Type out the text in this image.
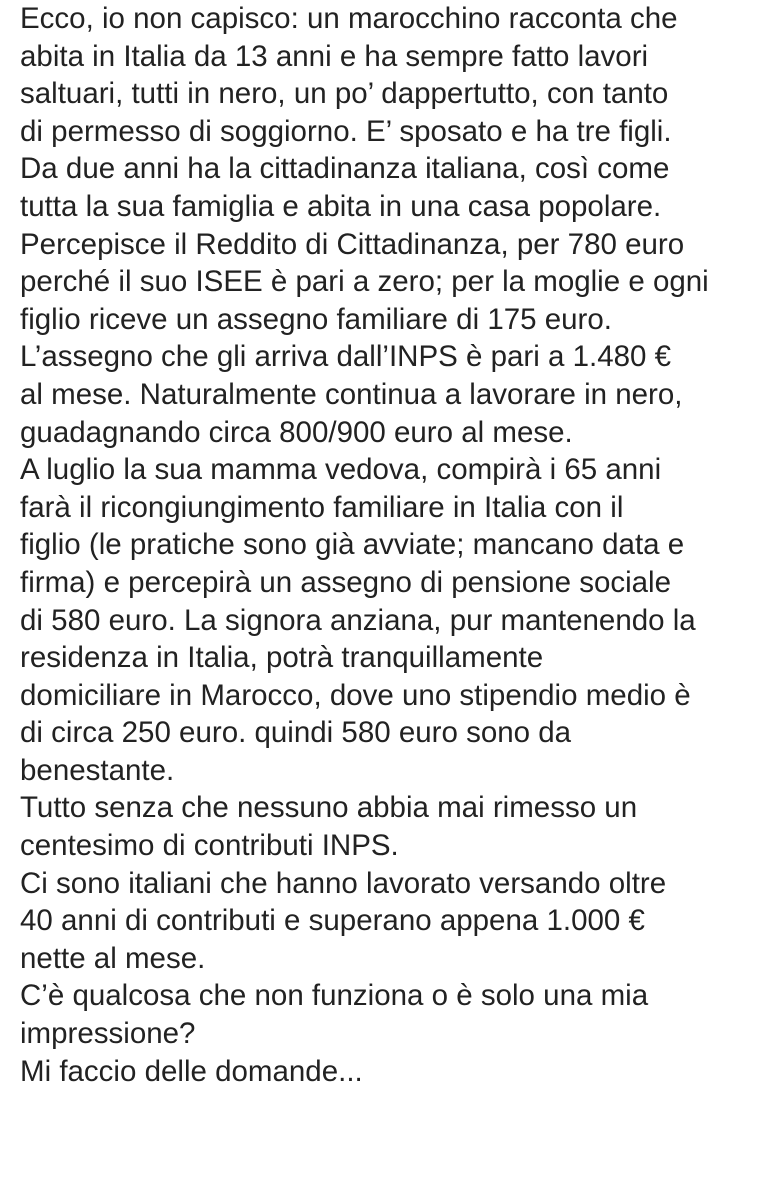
Ecco, io non capisco: un marocchino racconta che
abita in Italia da 13 anni e ha sempre fatto lavori
saltuari, tutti in nero, un po’ dappertutto, con tanto
di permesso di soggiorno. E’ sposato e ha tre figli.
Da due anni ha la cittadinanza italiana, così come
tutta la sua famiglia e abita in una casa popolare.
Percepisce il Reddito di Cittadinanza, per 780 euro
perché il suo ISEE è pari a zero; per la moglie e ogni
figlio riceve un assegno familiare di 175 euro.
L’assegno che gli arriva dall’INPS è pari a 1.480 €
al mese. Naturalmente continua a lavorare in nero,
guadagnando circa 800/900 euro al mese.
A luglio la sua mamma vedova, compirà i 65 anni
farà il ricongiungimento familiare in Italia con il
figlio (le pratiche sono già avviate; mancano data e
firma) e percepirà un assegno di pensione sociale
di 580 euro. La signora anziana, pur mantenendo la
residenza in Italia, potrà tranquillamente
domiciliare in Marocco, dove uno stipendio medio è
di circa 250 euro. quindi 580 euro sono da
benestante.
Tutto senza che nessuno abbia mai rimesso un
centesimo di contributi INPS.
Ci sono italiani che hanno lavorato versando oltre
40 anni di contributi e superano appena 1.000 €
nette al mese.
C’è qualcosa che non funziona o è solo una mia
impressione?
Mi faccio delle domande...
